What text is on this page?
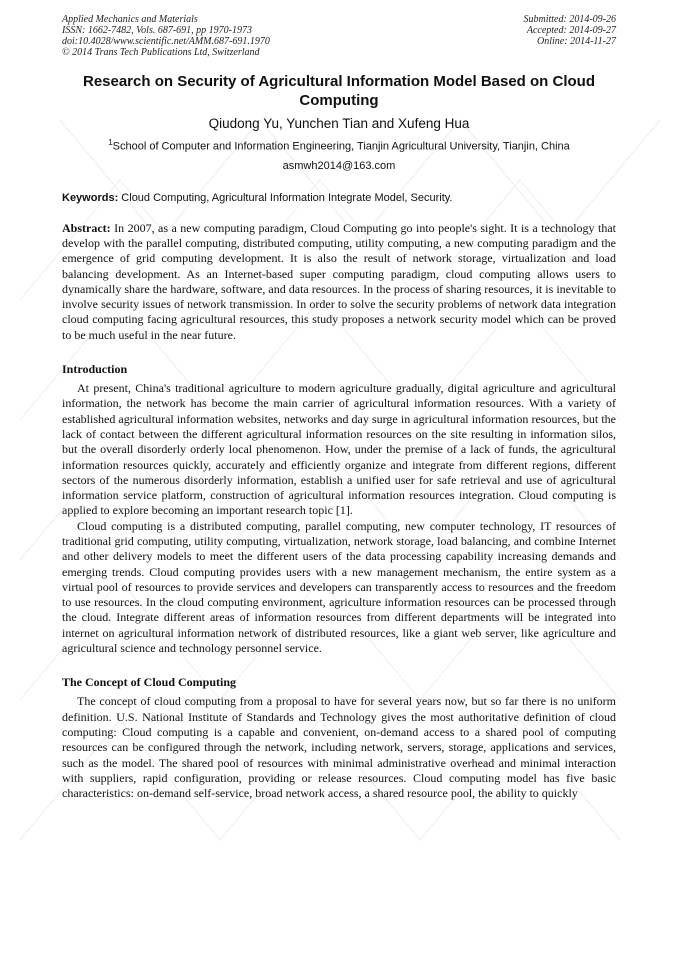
Applied Mechanics and Materials
ISSN: 1662-7482, Vols. 687-691, pp 1970-1973
doi:10.4028/www.scientific.net/AMM.687-691.1970
© 2014 Trans Tech Publications Ltd, Switzerland
Submitted: 2014-09-26
Accepted: 2014-09-27
Online: 2014-11-27
Research on Security of Agricultural Information Model Based on Cloud Computing
Qiudong Yu, Yunchen Tian and Xufeng Hua
$^1$School of Computer and Information Engineering, Tianjin Agricultural University, Tianjin, China
asmwh2014@163.com
Keywords: Cloud Computing, Agricultural Information Integrate Model, Security.

Abstract: In 2007, as a new computing paradigm, Cloud Computing go into people's sight. It is a technology that develop with the parallel computing, distributed computing, utility computing, a new computing paradigm and the emergence of grid computing development. It is also the result of network storage, virtualization and load balancing development. As an Internet-based super computing paradigm, cloud computing allows users to dynamically share the hardware, software, and data resources. In the process of sharing resources, it is inevitable to involve security issues of network transmission. In order to solve the security problems of network data integration cloud computing facing agricultural resources, this study proposes a network security model which can be proved to be much useful in the near future.

Introduction

At present, China's traditional agriculture to modern agriculture gradually, digital agriculture and agricultural information, the network has become the main carrier of agricultural information resources. With a variety of established agricultural information websites, networks and day surge in agricultural information resources, but the lack of contact between the different agricultural information resources on the site resulting in information silos, but the overall disorderly orderly local phenomenon. How, under the premise of a lack of funds, the agricultural information resources quickly, accurately and efficiently organize and integrate from different regions, different sectors of the numerous disorderly information, establish a unified user for safe retrieval and use of agricultural information service platform, construction of agricultural information resources integration. Cloud computing is applied to explore becoming an important research topic [1].

Cloud computing is a distributed computing, parallel computing, new computer technology, IT resources of traditional grid computing, utility computing, virtualization, network storage, load balancing, and combine Internet and other delivery models to meet the different users of the data processing capability increasing demands and emerging trends. Cloud computing provides users with a new management mechanism, the entire system as a virtual pool of resources to provide services and developers can transparently access to resources and the freedom to use resources. In the cloud computing environment, agriculture information resources can be processed through the cloud. Integrate different areas of information resources from different departments will be integrated into internet on agricultural information network of distributed resources, like a giant web server, like agriculture and agricultural science and technology personnel service.

The Concept of Cloud Computing

The concept of cloud computing from a proposal to have for several years now, but so far there is no uniform definition. U.S. National Institute of Standards and Technology gives the most authoritative definition of cloud computing: Cloud computing is a capable and convenient, on-demand access to a shared pool of computing resources can be configured through the network, including network, servers, storage, applications and services, such as the model. The shared pool of resources with minimal administrative overhead and minimal interaction with suppliers, rapid configuration, providing or release resources. Cloud computing model has five basic characteristics: on-demand self-service, broad network access, a shared resource pool, the ability to quickly
